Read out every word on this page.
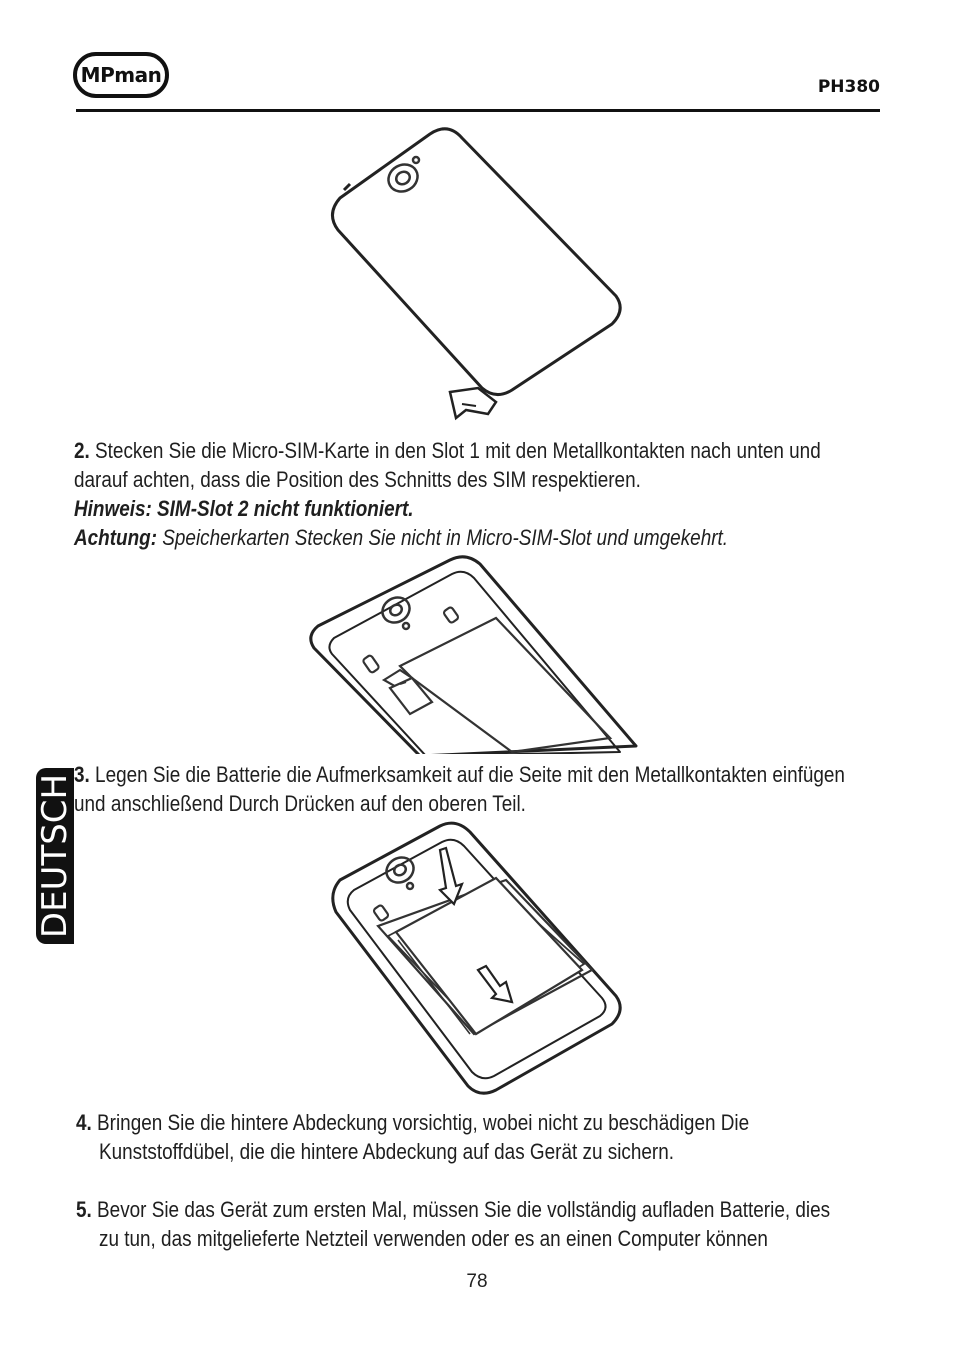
MPman	PH380
2. Stecken Sie die Micro-SIM-Karte in den Slot 1 mit den Metallkontakten nach unten und
darauf achten, dass die Position des Schnitts des SIM respektieren.
Hinweis: SIM-Slot 2 nicht funktioniert.
Achtung: Speicherkarten Stecken Sie nicht in Micro-SIM-Slot und umgekehrt.
DEUTSCH 3. Legen Sie die Batterie die Aufmerksamkeit auf die Seite mit den Metallkontakten einfügen
und anschließend Durch Drücken auf den oberen Teil.
4. Bringen Sie die hintere Abdeckung vorsichtig, wobei nicht zu beschädigen Die
Kunststoffdübel, die die hintere Abdeckung auf das Gerät zu sichern.
5. Bevor Sie das Gerät zum ersten Mal, müssen Sie die vollständig aufladen Batterie, dies
zu tun, das mitgelieferte Netzteil verwenden oder es an einen Computer können
78
